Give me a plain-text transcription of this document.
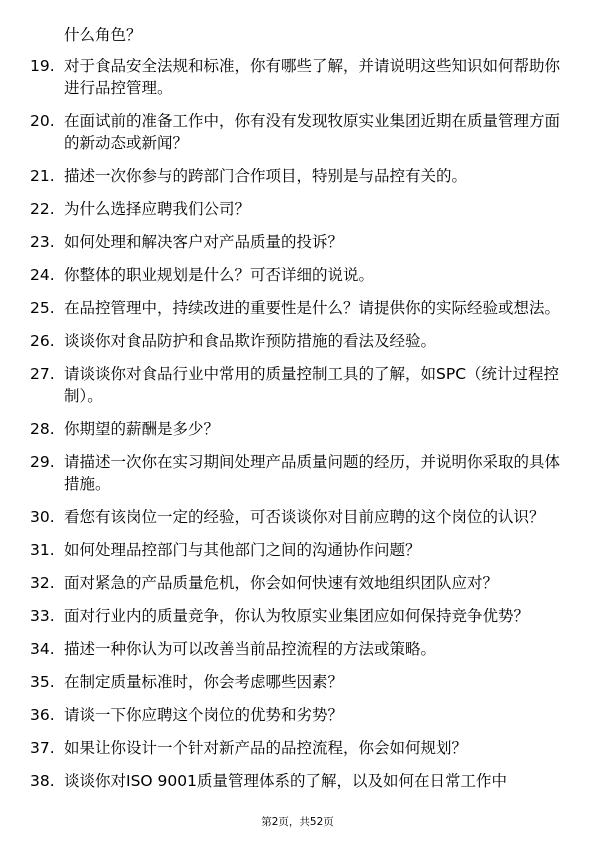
什么角色？

19. 对于食品安全法规和标准，你有哪些了解，并请说明这些知识如何帮助你进行品控管理。
20. 在面试前的准备工作中，你有没有发现牧原实业集团近期在质量管理方面的新动态或新闻？
21. 描述一次你参与的跨部门合作项目，特别是与品控有关的。
22. 为什么选择应聘我们公司？
23. 如何处理和解决客户对产品质量的投诉？
24. 你整体的职业规划是什么？可否详细的说说。
25. 在品控管理中，持续改进的重要性是什么？请提供你的实际经验或想法。
26. 谈谈你对食品防护和食品欺诈预防措施的看法及经验。
27. 请谈谈你对食品行业中常用的质量控制工具的了解，如SPC（统计过程控制）。
28. 你期望的薪酬是多少？
29. 请描述一次你在实习期间处理产品质量问题的经历，并说明你采取的具体措施。
30. 看您有该岗位一定的经验，可否谈谈你对目前应聘的这个岗位的认识？
31. 如何处理品控部门与其他部门之间的沟通协作问题？
32. 面对紧急的产品质量危机，你会如何快速有效地组织团队应对？
33. 面对行业内的质量竞争，你认为牧原实业集团应如何保持竞争优势？
34. 描述一种你认为可以改善当前品控流程的方法或策略。
35. 在制定质量标准时，你会考虑哪些因素？
36. 请谈一下你应聘这个岗位的优势和劣势？
37. 如果让你设计一个针对新产品的品控流程，你会如何规划？
38. 谈谈你对ISO 9001质量管理体系的了解，以及如何在日常工作中
第2页，共52页
